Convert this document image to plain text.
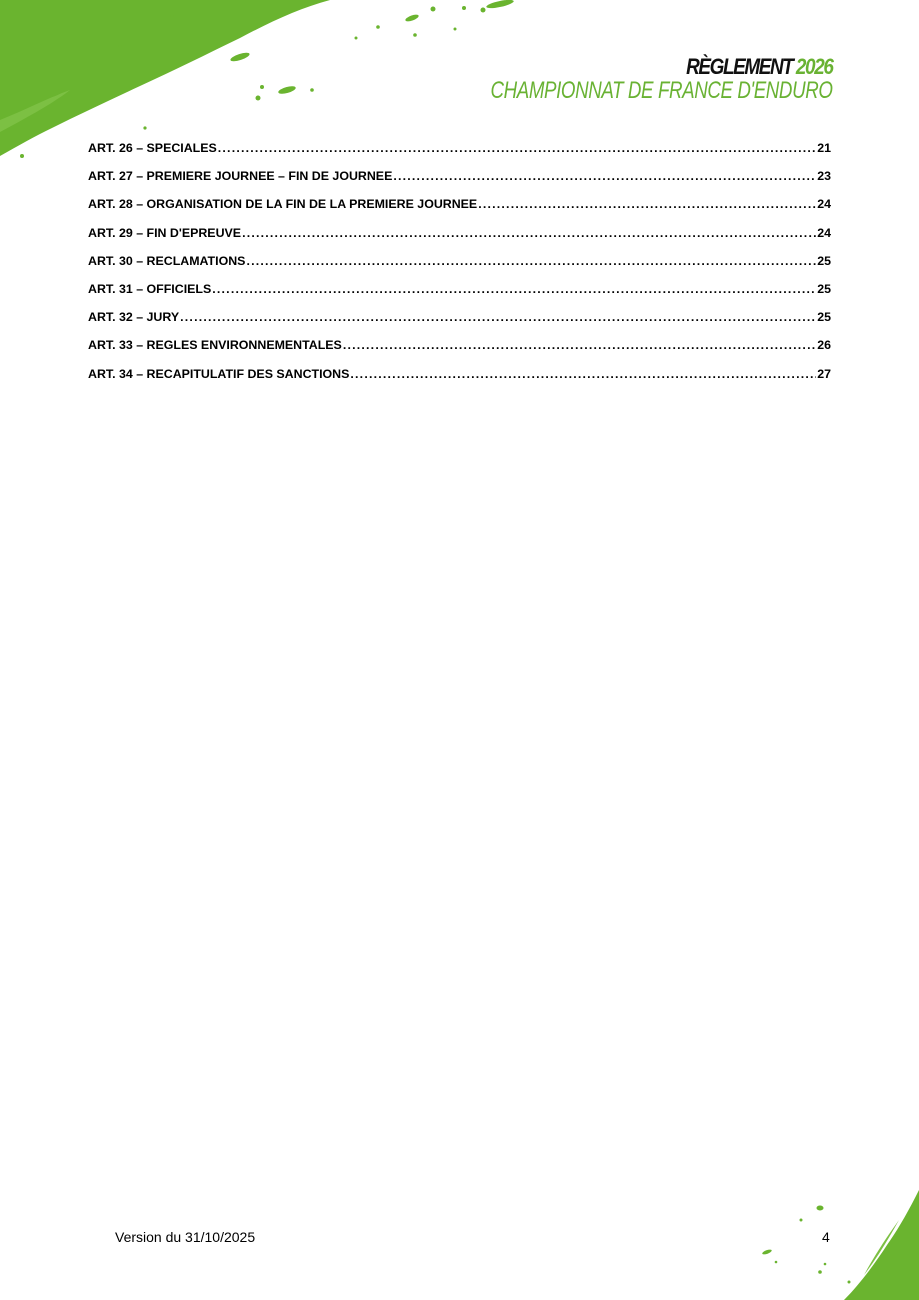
RÈGLEMENT 2026
CHAMPIONNAT DE FRANCE D'ENDURO
ART. 26 – SPECIALES .....	21
ART. 27 – PREMIERE JOURNEE – FIN DE JOURNEE .....	23
ART. 28 – ORGANISATION DE LA FIN DE LA PREMIERE JOURNEE .....	24
ART. 29 – FIN D'EPREUVE .....	24
ART. 30 – RECLAMATIONS .....	25
ART. 31 – OFFICIELS .....	25
ART. 32 – JURY .....	25
ART. 33 – REGLES ENVIRONNEMENTALES .....	26
ART. 34 – RECAPITULATIF DES SANCTIONS .....	27
Version du 31/10/2025	4
